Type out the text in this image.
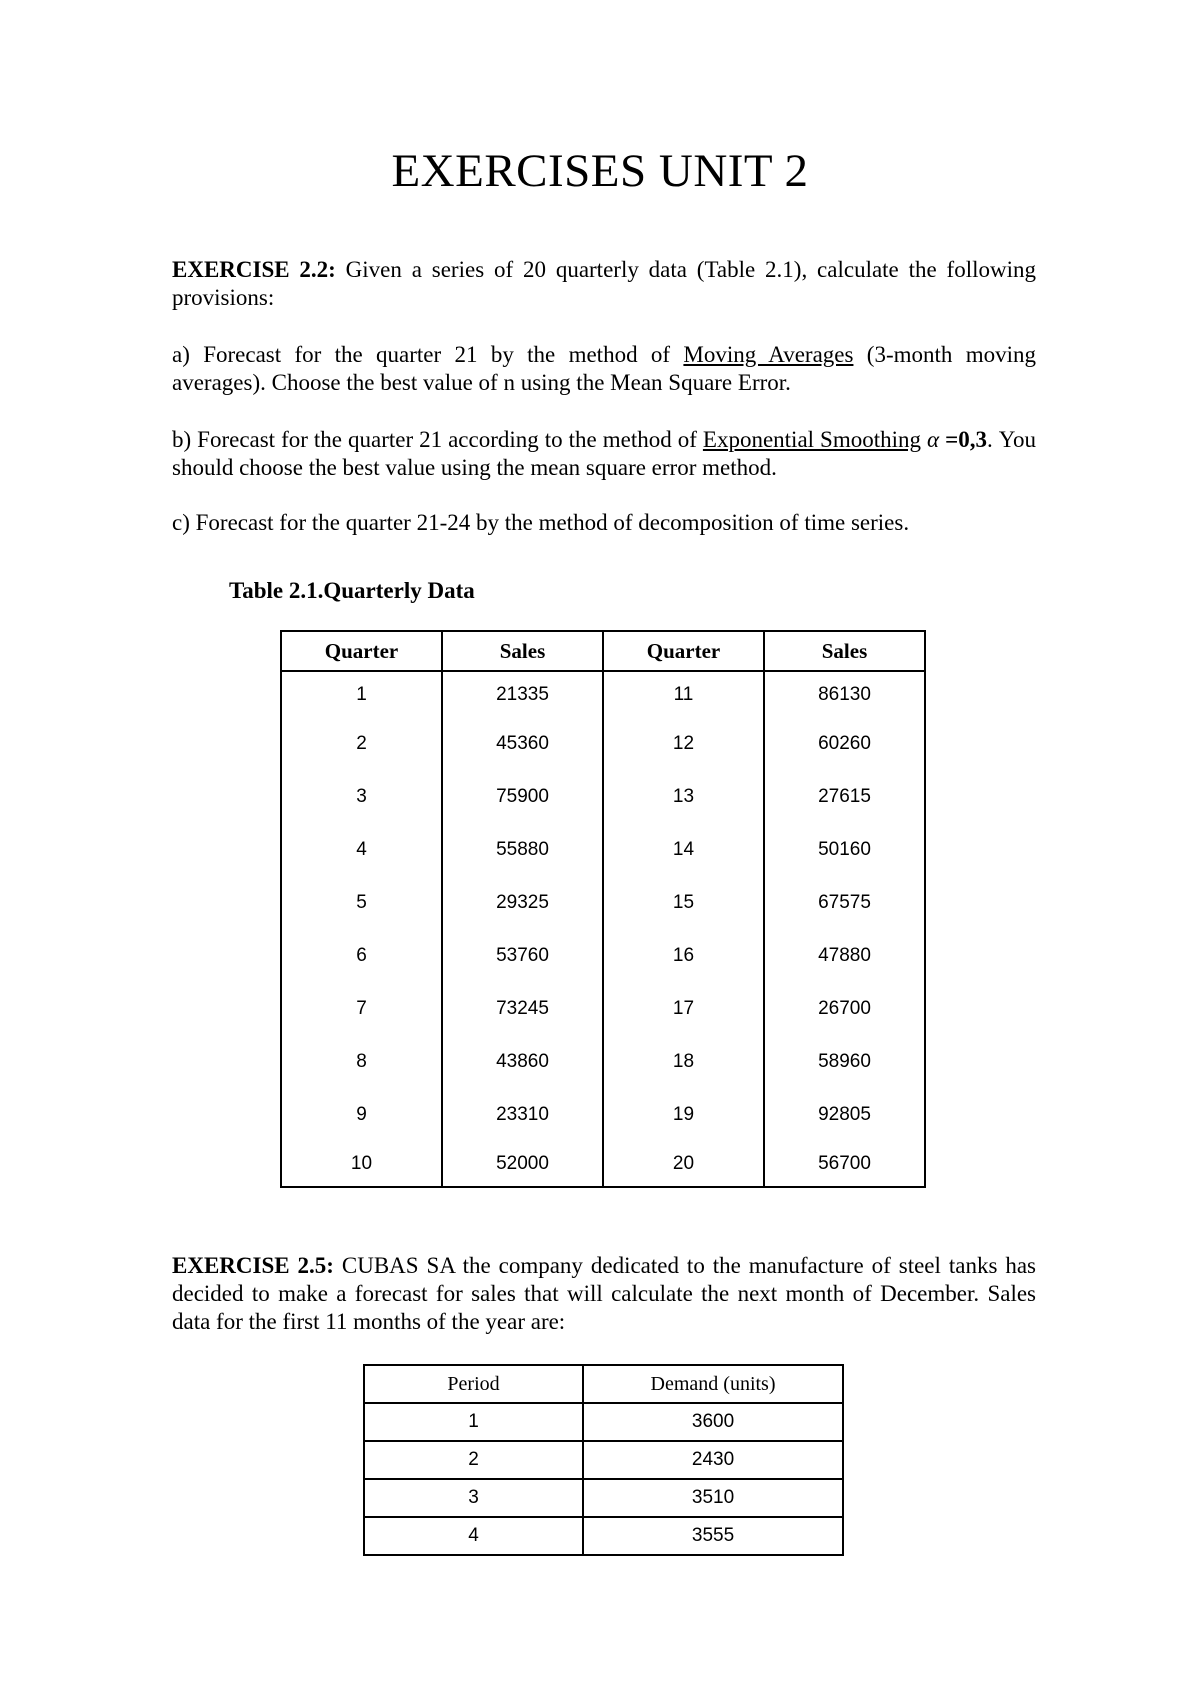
EXERCISES UNIT 2
EXERCISE 2.2: Given a series of 20 quarterly data (Table 2.1), calculate the following provisions:
a) Forecast for the quarter 21 by the method of Moving Averages (3-month moving averages). Choose the best value of n using the Mean Square Error.
b) Forecast for the quarter 21 according to the method of Exponential Smoothing α =0,3. You should choose the best value using the mean square error method.
c) Forecast for the quarter 21-24 by the method of decomposition of time series.
Table 2.1.Quarterly Data
Quarter	Sales	Quarter	Sales
1	21335	11	86130
2	45360	12	60260
3	75900	13	27615
4	55880	14	50160
5	29325	15	67575
6	53760	16	47880
7	73245	17	26700
8	43860	18	58960
9	23310	19	92805
10	52000	20	56700
EXERCISE 2.5: CUBAS SA the company dedicated to the manufacture of steel tanks has decided to make a forecast for sales that will calculate the next month of December. Sales data for the first 11 months of the year are:
Period	Demand (units)
1	3600
2	2430
3	3510
4	3555
